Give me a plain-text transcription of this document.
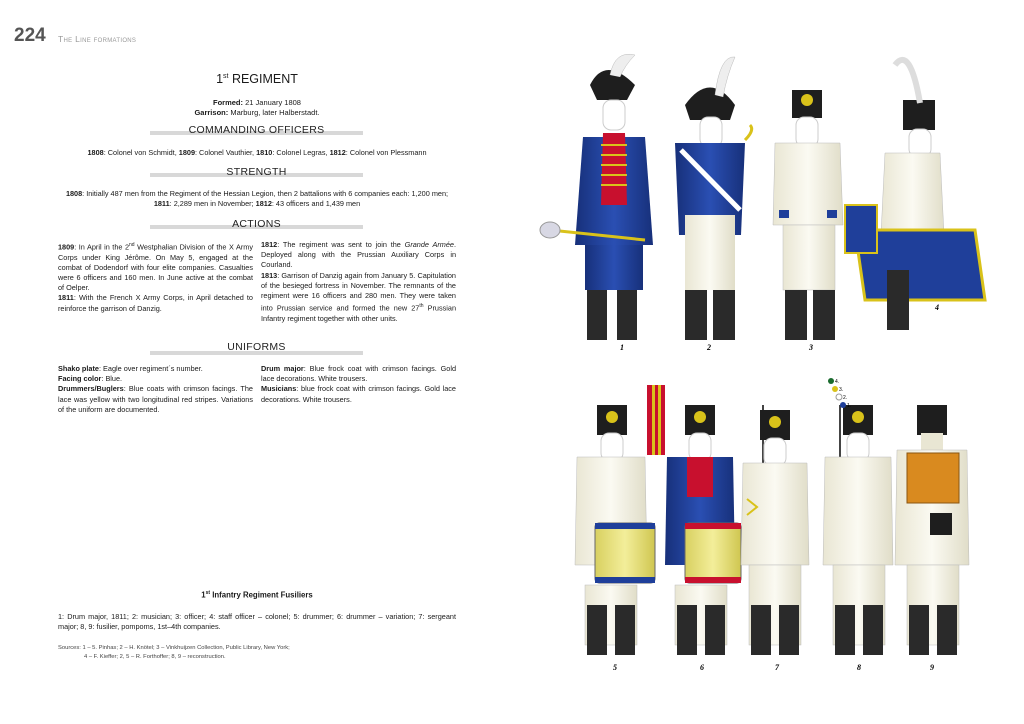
224 The Line formations
1st REGIMENT
Formed: 21 January 1808
Garrison: Marburg, later Halberstadt.
COMMANDING OFFICERS
1808: Colonel von Schmidt, 1809: Colonel Vauthier, 1810: Colonel Legras, 1812: Colonel von Plessmann
STRENGTH
1808: Initially 487 men from the Regiment of the Hessian Legion, then 2 battalions with 6 companies each: 1,200 men; 1811: 2,289 men in November; 1812: 43 officers and 1,439 men
ACTIONS
1809: In April in the 2nd Westphalian Division of the X Army Corps under King Jérôme. On May 5, engaged at the combat of Dodendorf with four elite companies. Casualties were 6 officers and 160 men. In June active at the combat of Oelper.
1811: With the French X Army Corps, in April detached to reinforce the garrison of Danzig.
1812: The regiment was sent to join the Grande Armée. Deployed along with the Prussian Auxiliary Corps in Courland.
1813: Garrison of Danzig again from January 5. Capitulation of the besieged fortress in November. The remnants of the regiment were 16 officers and 280 men. They were taken into Prussian service and formed the new 27th Prussian Infantry regiment together with other units.
UNIFORMS
Shako plate: Eagle over regiment´s number.
Facing color: Blue.
Drummers/Buglers: Blue coats with crimson facings. The lace was yellow with two longitudinal red stripes. Variations of the uniform are documented.
Drum major: Blue frock coat with crimson facings. Gold lace decorations. White trousers.
Musicians: blue frock coat with crimson facings. Gold lace decorations. White trousers.
1st Infantry Regiment Fusiliers
1: Drum major, 1811; 2: musician; 3: officer; 4: staff officer – colonel; 5: drummer; 6: drummer – variation; 7: sergeant major; 8, 9: fusilier, pompoms, 1st–4th companies.
Sources: 1 – 5. Pinhas; 2 – H. Knötel; 3 – Vinkhuijzen Collection, Public Library, New York;
4 – F. Kieffer; 2, 5 – R. Forthoffer; 8, 9 – reconstruction.
1	2	3
4
5	6	7	8	9
4.
3.
2.
1.
